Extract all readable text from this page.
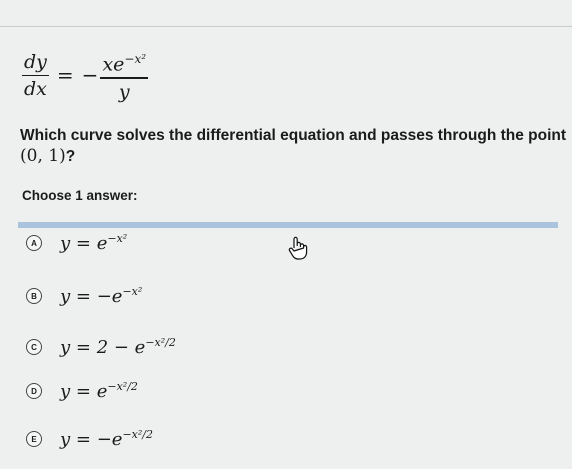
$\frac{dy}{dx}$ = − $\frac{xe^{-x^2}}{y}$
Which curve solves the differential equation and passes through the point
(0, 1)?
Choose 1 answer:
A $y = e^{-x^2}$
B $y = -e^{-x^2}$
C $y = 2 - e^{-x^2/2}$
D $y = e^{-x^2/2}$
E $y = -e^{-x^2/2}$
